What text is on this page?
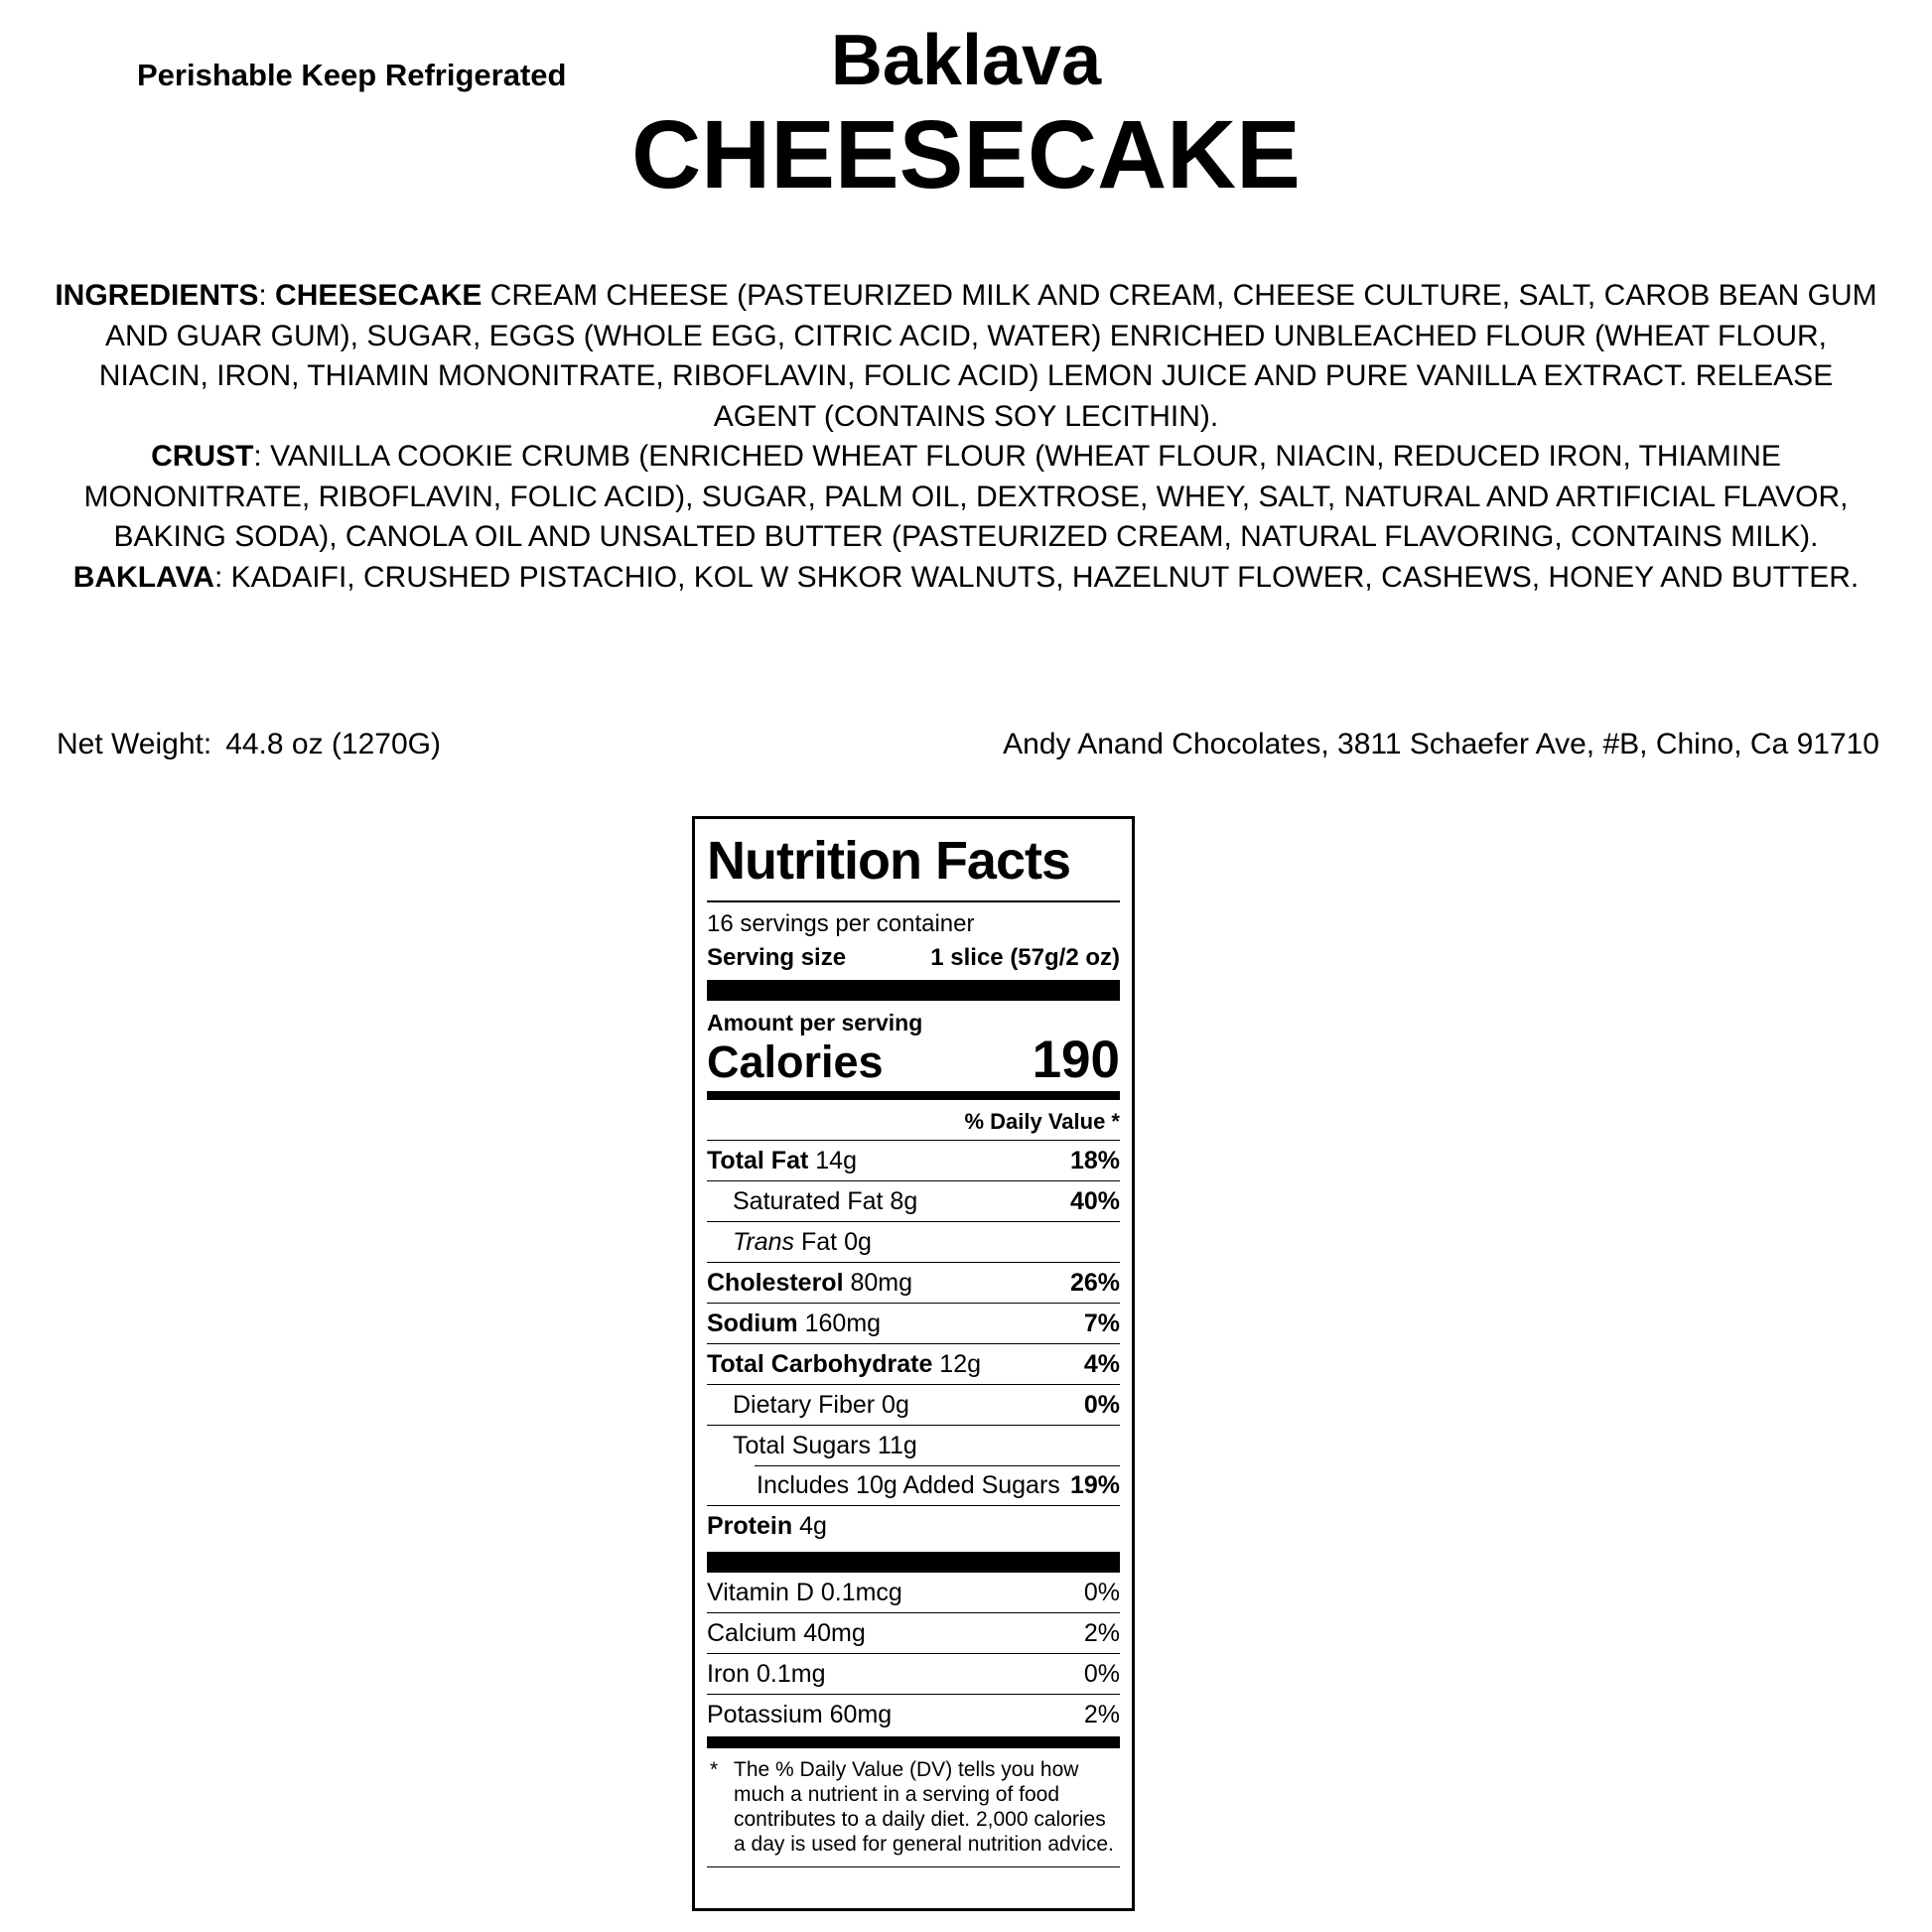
Perishable Keep Refrigerated	Baklava
CHEESECAKE

INGREDIENTS: CHEESECAKE CREAM CHEESE (PASTEURIZED MILK AND CREAM, CHEESE CULTURE, SALT, CAROB BEAN GUM AND GUAR GUM), SUGAR, EGGS (WHOLE EGG, CITRIC ACID, WATER) ENRICHED UNBLEACHED FLOUR (WHEAT FLOUR, NIACIN, IRON, THIAMIN MONONITRATE, RIBOFLAVIN, FOLIC ACID) LEMON JUICE AND PURE VANILLA EXTRACT. RELEASE AGENT (CONTAINS SOY LECITHIN).

CRUST: VANILLA COOKIE CRUMB (ENRICHED WHEAT FLOUR (WHEAT FLOUR, NIACIN, REDUCED IRON, THIAMINE MONONITRATE, RIBOFLAVIN, FOLIC ACID), SUGAR, PALM OIL, DEXTROSE, WHEY, SALT, NATURAL AND ARTIFICIAL FLAVOR, BAKING SODA), CANOLA OIL AND UNSALTED BUTTER (PASTEURIZED CREAM, NATURAL FLAVORING, CONTAINS MILK).

BAKLAVA: KADAIFI, CRUSHED PISTACHIO, KOL W SHKOR WALNUTS, HAZELNUT FLOWER, CASHEWS, HONEY AND BUTTER.

Net Weight: 44.8 oz (1270G)	Andy Anand Chocolates, 3811 Schaefer Ave, #B, Chino, Ca 91710
Nutrition Facts
16 servings per container
Serving size	1 slice (57g/2 oz)
Amount per serving
Calories	190
% Daily Value *
Total Fat 14g	18%
Saturated Fat 8g	40%
Trans Fat 0g
Cholesterol 80mg	26%
Sodium 160mg	7%
Total Carbohydrate 12g	4%
Dietary Fiber 0g	0%
Total Sugars 11g
Includes 10g Added Sugars 19%
Protein 4g
Vitamin D 0.1mcg	0%
Calcium 40mg	2%
Iron 0.1mg	0%
Potassium 60mg	2%
* The % Daily Value (DV) tells you how much a nutrient in a serving of food contributes to a daily diet. 2,000 calories a day is used for general nutrition advice.
